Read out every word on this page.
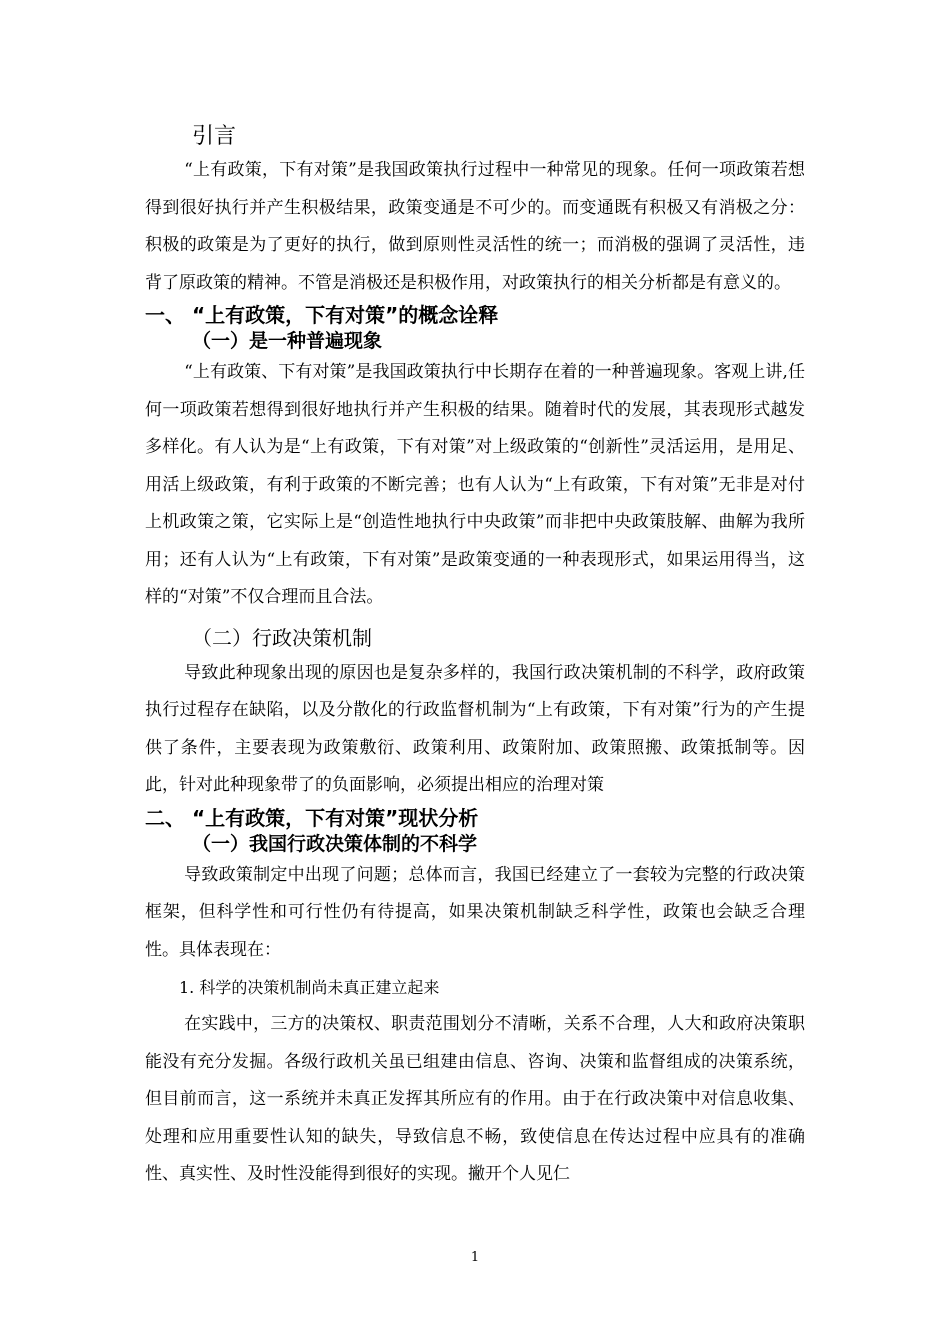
引言

“上有政策，下有对策”是我国政策执行过程中一种常见的现象。任何一项政策若想得到很好执行并产生积极结果，政策变通是不可少的。而变通既有积极又有消极之分：积极的政策是为了更好的执行，做到原则性灵活性的统一；而消极的强调了灵活性，违背了原政策的精神。不管是消极还是积极作用，对政策执行的相关分析都是有意义的。

一、 “上有政策，下有对策”的概念诠释
（一）是一种普遍现象

“上有政策、下有对策”是我国政策执行中长期存在着的一种普遍现象。客观上讲,任何一项政策若想得到很好地执行并产生积极的结果。随着时代的发展，其表现形式越发多样化。有人认为是“上有政策，下有对策”对上级政策的“创新性”灵活运用，是用足、用活上级政策，有利于政策的不断完善；也有人认为“上有政策，下有对策”无非是对付上机政策之策，它实际上是“创造性地执行中央政策”而非把中央政策肢解、曲解为我所用；还有人认为“上有政策，下有对策”是政策变通的一种表现形式，如果运用得当，这样的“对策”不仅合理而且合法。

（二）行政决策机制

导致此种现象出现的原因也是复杂多样的，我国行政决策机制的不科学，政府政策执行过程存在缺陷，以及分散化的行政监督机制为“上有政策，下有对策”行为的产生提供了条件，主要表现为政策敷衍、政策利用、政策附加、政策照搬、政策抵制等。因此，针对此种现象带了的负面影响，必须提出相应的治理对策

二、 “上有政策，下有对策”现状分析
（一）我国行政决策体制的不科学

导致政策制定中出现了问题；总体而言，我国已经建立了一套较为完整的行政决策框架，但科学性和可行性仍有待提高，如果决策机制缺乏科学性，政策也会缺乏合理性。具体表现在：

1. 科学的决策机制尚未真正建立起来

在实践中，三方的决策权、职责范围划分不清晰，关系不合理，人大和政府决策职能没有充分发掘。各级行政机关虽已组建由信息、咨询、决策和监督组成的决策系统，但目前而言，这一系统并未真正发挥其所应有的作用。由于在行政决策中对信息收集、处理和应用重要性认知的缺失，导致信息不畅，致使信息在传达过程中应具有的准确性、真实性、及时性没能得到很好的实现。撇开个人见仁

1
